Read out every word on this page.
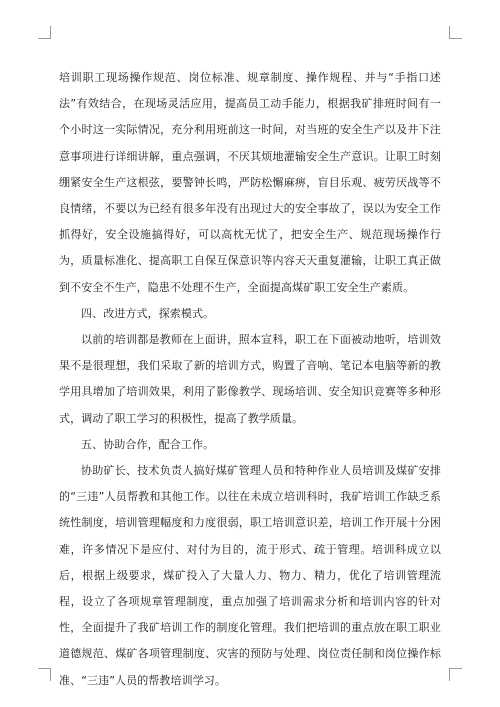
培训职工现场操作规范、岗位标准、规章制度、操作规程、并与“手指口述法”有效结合，在现场灵活应用，提高员工动手能力，根据我矿排班时间有一个小时这一实际情况，充分利用班前这一时间，对当班的安全生产以及井下注意事项进行详细讲解，重点强调，不厌其烦地灌输安全生产意识。让职工时刻绷紧安全生产这根弦，要警钟长鸣，严防松懈麻痹，盲目乐观、疲劳厌战等不良情绪，不要以为已经有很多年没有出现过大的安全事故了，误以为安全工作抓得好，安全设施搞得好，可以高枕无忧了，把安全生产、规范现场操作行为，质量标准化、提高职工自保互保意识等内容天天重复灌输，让职工真正做到不安全不生产，隐患不处理不生产，全面提高煤矿职工安全生产素质。

四、改进方式，探索模式。

以前的培训都是教师在上面讲，照本宣科，职工在下面被动地听，培训效果不是很理想，我们采取了新的培训方式，购置了音响、笔记本电脑等新的教学用具增加了培训效果，利用了影像教学、现场培训、安全知识竞赛等多种形式，调动了职工学习的积极性，提高了教学质量。

五、协助合作，配合工作。

协助矿长、技术负责人搞好煤矿管理人员和特种作业人员培训及煤矿安排的“三违”人员帮教和其他工作。以往在未成立培训科时，我矿培训工作缺乏系统性制度，培训管理幅度和力度很弱，职工培训意识差，培训工作开展十分困难，许多情况下是应付、对付为目的，流于形式、疏于管理。培训科成立以后，根据上级要求，煤矿投入了大量人力、物力、精力，优化了培训管理流程，设立了各项规章管理制度，重点加强了培训需求分析和培训内容的针对性，全面提升了我矿培训工作的制度化管理。我们把培训的重点放在职工职业道德规范、煤矿各项管理制度、灾害的预防与处理、岗位责任制和岗位操作标准、“三违”人员的帮教培训学习。
